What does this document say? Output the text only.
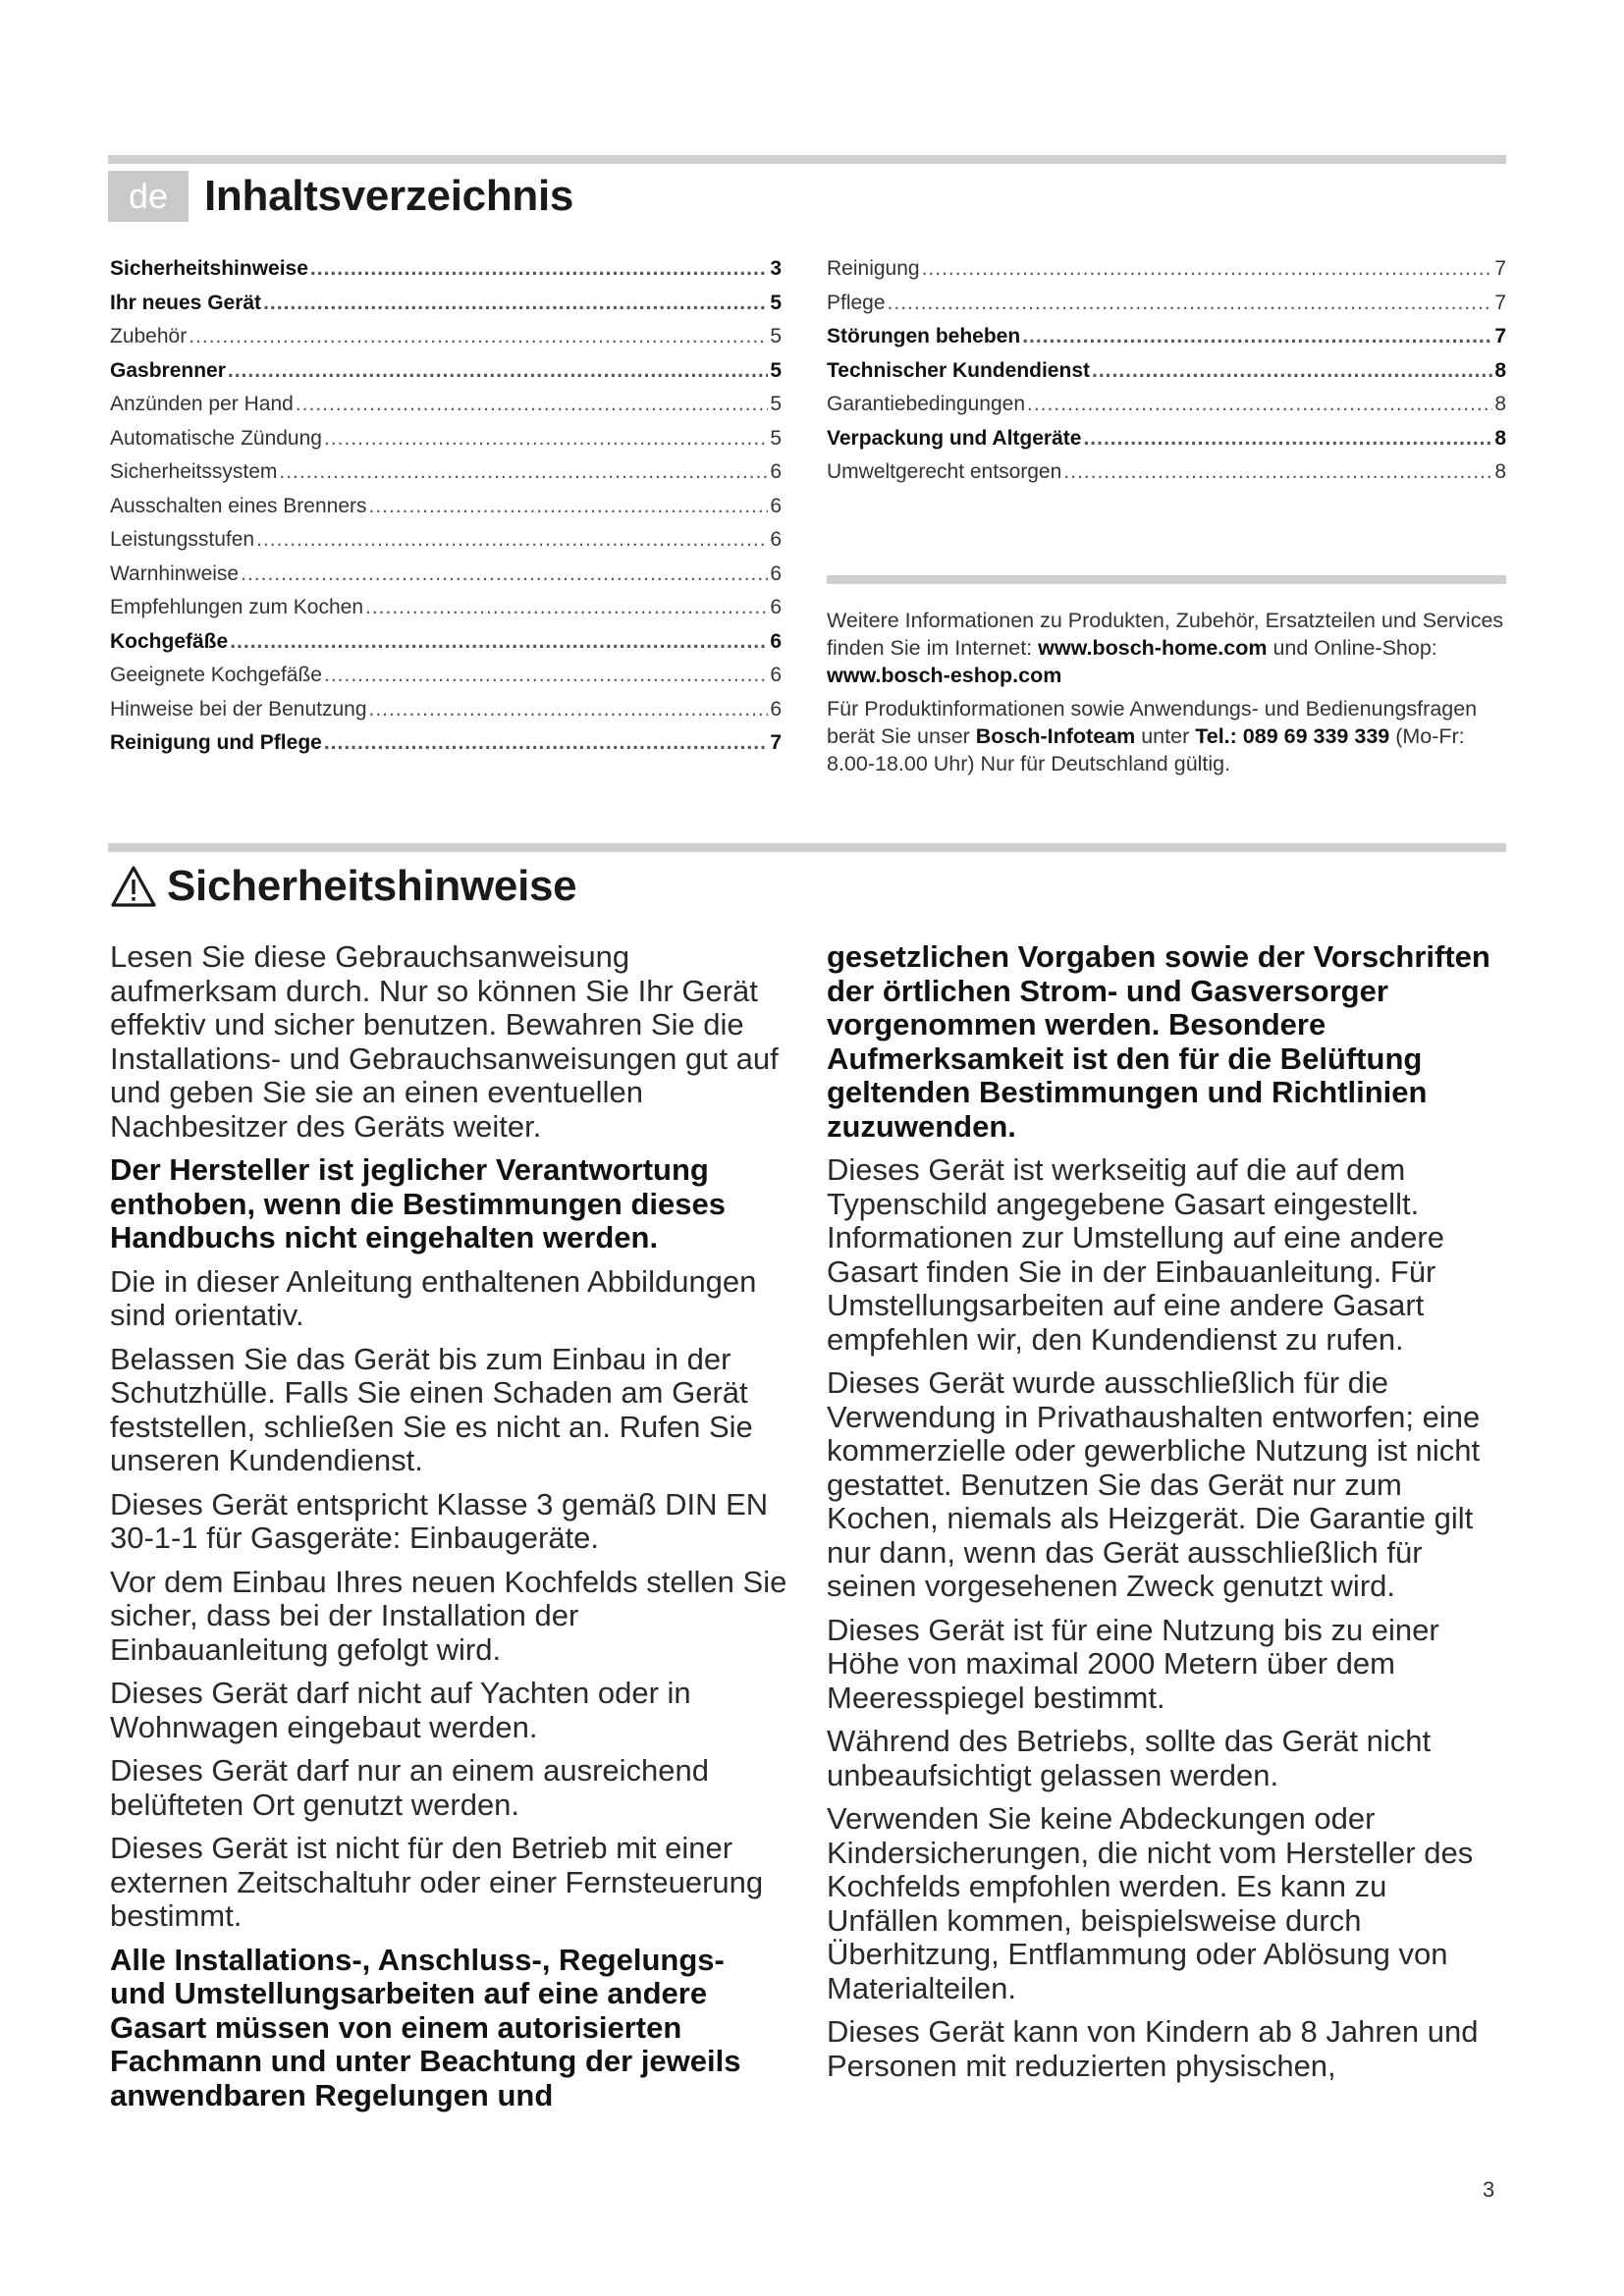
de Inhaltsverzeichnis
Sicherheitshinweise .....	3
Ihr neues Gerät .....	5
Zubehör .....	5
Gasbrenner .....	5
Anzünden per Hand .....	5
Automatische Zündung .....	5
Sicherheitssystem .....	6
Ausschalten eines Brenners .....	6
Leistungsstufen .....	6
Warnhinweise .....	6
Empfehlungen zum Kochen .....	6
Kochgefäße .....	6
Geeignete Kochgefäße .....	6
Hinweise bei der Benutzung .....	6
Reinigung und Pflege .....	7
Reinigung .....	7
Pflege .....	7
Störungen beheben .....	7
Technischer Kundendienst .....	8
Garantiebedingungen .....	8
Verpackung und Altgeräte .....	8
Umweltgerecht entsorgen .....	8

Weitere Informationen zu Produkten, Zubehör, Ersatzteilen und Services finden Sie im Internet: www.bosch-home.com und Online-Shop: www.bosch-eshop.com

Für Produktinformationen sowie Anwendungs- und Bedienungsfragen berät Sie unser Bosch-Infoteam unter Tel.: 089 69 339 339 (Mo-Fr: 8.00-18.00 Uhr) Nur für Deutschland gültig.

Sicherheitshinweise

Lesen Sie diese Gebrauchsanweisung aufmerksam durch. Nur so können Sie Ihr Gerät effektiv und sicher benutzen. Bewahren Sie die Installations- und Gebrauchsanweisungen gut auf und geben Sie sie an einen eventuellen Nachbesitzer des Geräts weiter.

Der Hersteller ist jeglicher Verantwortung enthoben, wenn die Bestimmungen dieses Handbuchs nicht eingehalten werden.

Die in dieser Anleitung enthaltenen Abbildungen sind orientativ.

Belassen Sie das Gerät bis zum Einbau in der Schutzhülle. Falls Sie einen Schaden am Gerät feststellen, schließen Sie es nicht an. Rufen Sie unseren Kundendienst.

Dieses Gerät entspricht Klasse 3 gemäß DIN EN 30-1-1 für Gasgeräte: Einbaugeräte.

Vor dem Einbau Ihres neuen Kochfelds stellen Sie sicher, dass bei der Installation der Einbauanleitung gefolgt wird.

Dieses Gerät darf nicht auf Yachten oder in Wohnwagen eingebaut werden.

Dieses Gerät darf nur an einem ausreichend belüfteten Ort genutzt werden.

Dieses Gerät ist nicht für den Betrieb mit einer externen Zeitschaltuhr oder einer Fernsteuerung bestimmt.

Alle Installations-, Anschluss-, Regelungs- und Umstellungsarbeiten auf eine andere Gasart müssen von einem autorisierten Fachmann und unter Beachtung der jeweils anwendbaren Regelungen und

gesetzlichen Vorgaben sowie der Vorschriften der örtlichen Strom- und Gasversorger vorgenommen werden. Besondere Aufmerksamkeit ist den für die Belüftung geltenden Bestimmungen und Richtlinien zuzuwenden.

Dieses Gerät ist werkseitig auf die auf dem Typenschild angegebene Gasart eingestellt. Informationen zur Umstellung auf eine andere Gasart finden Sie in der Einbauanleitung. Für Umstellungsarbeiten auf eine andere Gasart empfehlen wir, den Kundendienst zu rufen.

Dieses Gerät wurde ausschließlich für die Verwendung in Privathaushalten entworfen; eine kommerzielle oder gewerbliche Nutzung ist nicht gestattet. Benutzen Sie das Gerät nur zum Kochen, niemals als Heizgerät. Die Garantie gilt nur dann, wenn das Gerät ausschließlich für seinen vorgesehenen Zweck genutzt wird.

Dieses Gerät ist für eine Nutzung bis zu einer Höhe von maximal 2000 Metern über dem Meeresspiegel bestimmt.

Während des Betriebs, sollte das Gerät nicht unbeaufsichtigt gelassen werden.

Verwenden Sie keine Abdeckungen oder Kindersicherungen, die nicht vom Hersteller des Kochfelds empfohlen werden. Es kann zu Unfällen kommen, beispielsweise durch Überhitzung, Entflammung oder Ablösung von Materialteilen.

Dieses Gerät kann von Kindern ab 8 Jahren und Personen mit reduzierten physischen,

3
